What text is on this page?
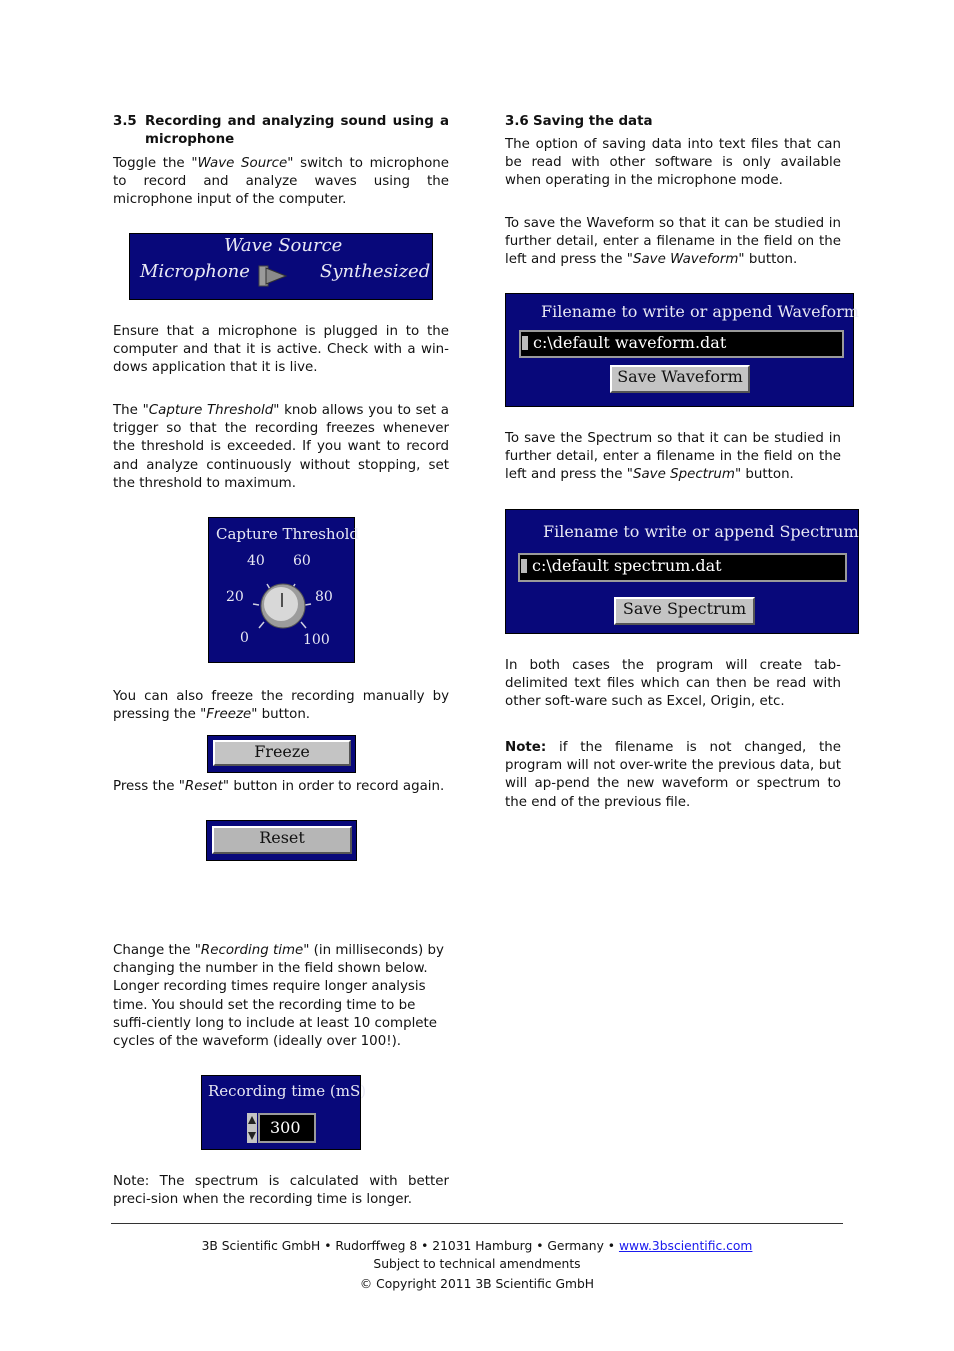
3.5 Recording and analyzing sound using a microphone

Toggle the "Wave Source" switch to microphone to record and analyze waves using the microphone input of the computer.

Wave Source
Microphone	Synthesized

Ensure that a microphone is plugged in to the computer and that it is active. Check with a win-dows application that it is live.

The "Capture Threshold" knob allows you to set a trigger so that the recording freezes whenever the threshold is exceeded. If you want to record and analyze continuously without stopping, set the threshold to maximum.

Capture Threshold
0
20
40 60
80
100

You can also freeze the recording manually by pressing the "Freeze" button.

Freeze

Press the "Reset" button in order to record again.

Reset

Change the "Recording time" (in milliseconds) by changing the number in the field shown below. Longer recording times require longer analysis time. You should set the recording time to be suffi-ciently long to include at least 10 complete cycles of the waveform (ideally over 100!).

Recording time (mS)
300

Note: The spectrum is calculated with better preci-sion when the recording time is longer.

3.6 Saving the data

The option of saving data into text files that can be read with other software is only available when operating in the microphone mode.

To save the Waveform so that it can be studied in further detail, enter a filename in the field on the left and press the "Save Waveform" button.

Filename to write or append Waveform
c:\default waveform.dat
Save Waveform

To save the Spectrum so that it can be studied in further detail, enter a filename in the field on the left and press the "Save Spectrum" button.

Filename to write or append Spectrum
c:\default spectrum.dat
Save Spectrum

In both cases the program will create tab-delimited text files which can then be read with other soft-ware such as Excel, Origin, etc.

Note: if the filename is not changed, the program will not over-write the previous data, but will ap-pend the new waveform or spectrum to the end of the previous file.

3B Scientific GmbH • Rudorffweg 8 • 21031 Hamburg • Germany • www.3bscientific.com
Subject to technical amendments
© Copyright 2011 3B Scientific GmbH
